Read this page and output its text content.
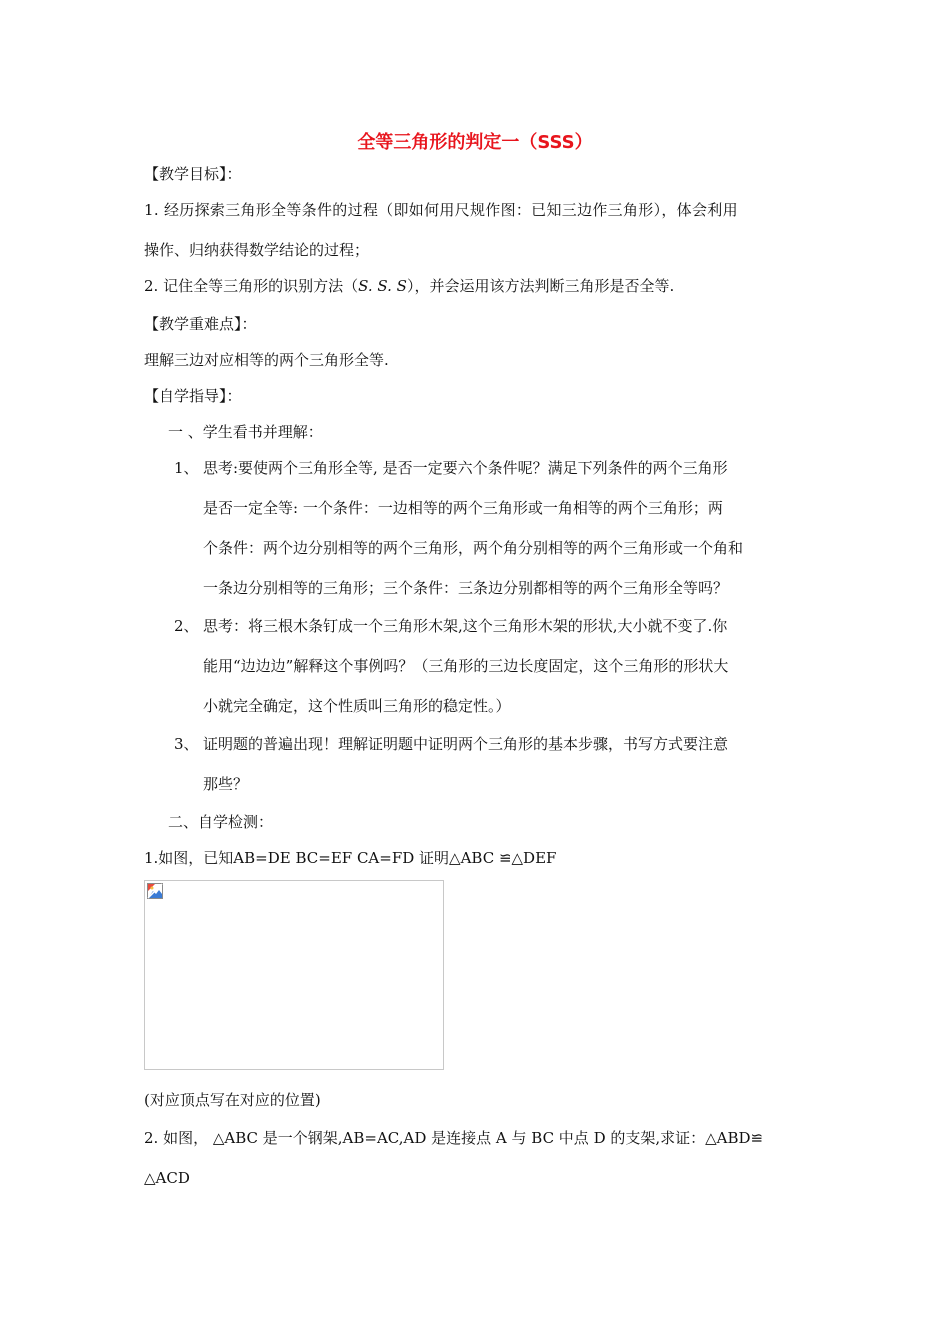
全等三角形的判定一（SSS）
【教学目标】：
1. 经历探索三角形全等条件的过程（即如何用尺规作图：已知三边作三角形），体会利用
操作、归纳获得数学结论的过程；
2. 记住全等三角形的识别方法（S. S. S），并会运用该方法判断三角形是否全等.
【教学重难点】：
理解三边对应相等的两个三角形全等.
【自学指导】：
一 、学生看书并理解：
1、 思考:要使两个三角形全等, 是否一定要六个条件呢？满足下列条件的两个三角形
是否一定全等: 一个条件：一边相等的两个三角形或一角相等的两个三角形；两
个条件：两个边分别相等的两个三角形，两个角分别相等的两个三角形或一个角和
一条边分别相等的三角形；三个条件：三条边分别都相等的两个三角形全等吗？
2、 思考：将三根木条钉成一个三角形木架,这个三角形木架的形状,大小就不变了.你
能用“边边边”解释这个事例吗？（三角形的三边长度固定，这个三角形的形状大
小就完全确定，这个性质叫三角形的稳定性。）
3、 证明题的普遍出现！理解证明题中证明两个三角形的基本步骤，书写方式要注意
那些？
二、自学检测：
1.如图，已知AB=DE BC=EF CA=FD 证明△ABC ≌△DEF
(对应顶点写在对应的位置)
2. 如图， △ABC 是一个钢架,AB=AC,AD 是连接点 A 与 BC 中点 D 的支架,求证：△ABD≌
△ACD
